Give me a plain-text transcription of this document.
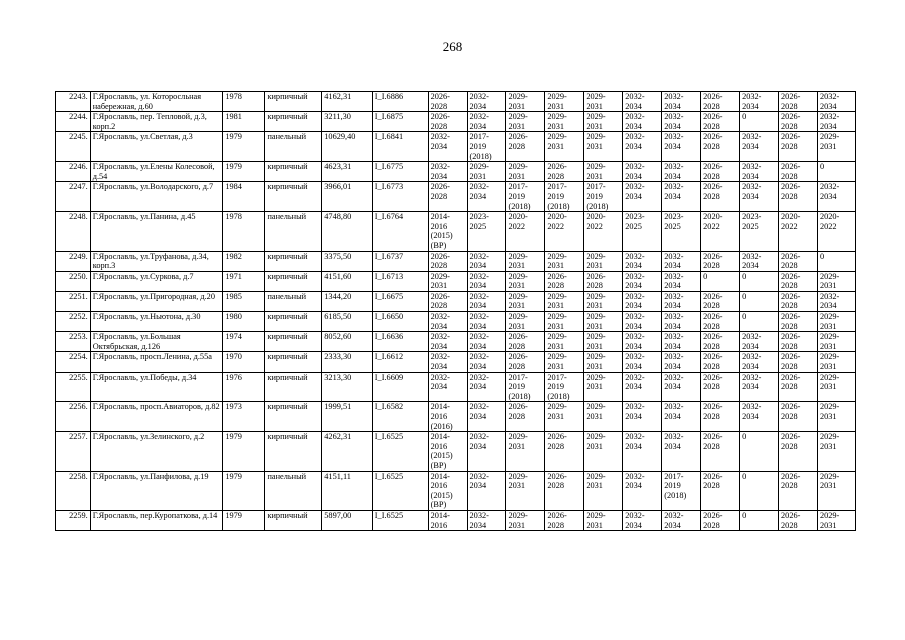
268
2243.	Г.Ярославль, ул. Которосльная набережная, д.60	1978	кирпичный	4162,31	I_I.6886	2026-2028	2032-2034	2029-2031	2029-2031	2029-2031	2032-2034	2032-2034	2026-2028	2032-2034	2026-2028	2032-2034
2244.	Г.Ярославль, пер. Тепловой, д.3, корп.2	1981	кирпичный	3211,30	I_I.6875	2026-2028	2032-2034	2029-2031	2029-2031	2029-2031	2032-2034	2032-2034	2026-2028	0	2026-2028	2032-2034
2245.	Г.Ярославль, ул.Светлая, д.3	1979	панельный	10629,40	I_I.6841	2032-2034	2017-2019 (2018)	2026-2028	2029-2031	2029-2031	2032-2034	2032-2034	2026-2028	2032-2034	2026-2028	2029-2031
2246.	Г.Ярославль, ул.Елены Колесовой, д.54	1979	кирпичный	4623,31	I_I.6775	2032-2034	2029-2031	2029-2031	2026-2028	2029-2031	2032-2034	2032-2034	2026-2028	2032-2034	2026-2028	0
2247.	Г.Ярославль, ул.Володарского, д.7	1984	кирпичный	3966,01	I_I.6773	2026-2028	2032-2034	2017-2019 (2018)	2017-2019 (2018)	2017-2019 (2018)	2032-2034	2032-2034	2026-2028	2032-2034	2026-2028	2032-2034
2248.	Г.Ярославль, ул.Панина, д.45	1978	панельный	4748,80	I_I.6764	2014-2016 (2015) (ВР)	2023-2025	2020-2022	2020-2022	2020-2022	2023-2025	2023-2025	2020-2022	2023-2025	2020-2022	2020-2022
2249.	Г.Ярославль, ул.Труфанова, д.34, корп.3	1982	кирпичный	3375,50	I_I.6737	2026-2028	2032-2034	2029-2031	2029-2031	2029-2031	2032-2034	2032-2034	2026-2028	2032-2034	2026-2028	0
2250.	Г.Ярославль, ул.Суркова, д.7	1971	кирпичный	4151,60	I_I.6713	2029-2031	2032-2034	2029-2031	2026-2028	2026-2028	2032-2034	2032-2034	0	0	2026-2028	2029-2031
2251.	Г.Ярославль, ул.Пригородная, д.20	1985	панельный	1344,20	I_I.6675	2026-2028	2032-2034	2029-2031	2029-2031	2029-2031	2032-2034	2032-2034	2026-2028	0	2026-2028	2032-2034
2252.	Г.Ярославль, ул.Ньютона, д.30	1980	кирпичный	6185,50	I_I.6650	2032-2034	2032-2034	2029-2031	2029-2031	2029-2031	2032-2034	2032-2034	2026-2028	0	2026-2028	2029-2031
2253.	Г.Ярославль, ул.Большая Октябрьская, д.126	1974	кирпичный	8052,60	I_I.6636	2032-2034	2032-2034	2026-2028	2029-2031	2029-2031	2032-2034	2032-2034	2026-2028	2032-2034	2026-2028	2029-2031
2254.	Г.Ярославль, просп.Ленина, д.55а	1970	кирпичный	2333,30	I_I.6612	2032-2034	2032-2034	2026-2028	2029-2031	2029-2031	2032-2034	2032-2034	2026-2028	2032-2034	2026-2028	2029-2031
2255.	Г.Ярославль, ул.Победы, д.34	1976	кирпичный	3213,30	I_I.6609	2032-2034	2032-2034	2017-2019 (2018)	2017-2019 (2018)	2029-2031	2032-2034	2032-2034	2026-2028	2032-2034	2026-2028	2029-2031
2256.	Г.Ярославль, просп.Авиаторов, д.82	1973	кирпичный	1999,51	I_I.6582	2014-2016 (2016)	2032-2034	2026-2028	2029-2031	2029-2031	2032-2034	2032-2034	2026-2028	2032-2034	2026-2028	2029-2031
2257.	Г.Ярославль, ул.Зелинского, д.2	1979	кирпичный	4262,31	I_I.6525	2014-2016 (2015) (ВР)	2032-2034	2029-2031	2026-2028	2029-2031	2032-2034	2032-2034	2026-2028	0	2026-2028	2029-2031
2258.	Г.Ярославль, ул.Панфилова, д.19	1979	панельный	4151,11	I_I.6525	2014-2016 (2015) (ВР)	2032-2034	2029-2031	2026-2028	2029-2031	2032-2034	2017-2019 (2018)	2026-2028	0	2026-2028	2029-2031
2259.	Г.Ярославль, пер.Куропаткова, д.14	1979	кирпичный	5897,00	I_I.6525	2014-2016	2032-2034	2029-2031	2026-2028	2029-2031	2032-2034	2032-2034	2026-2028	0	2026-2028	2029-2031
